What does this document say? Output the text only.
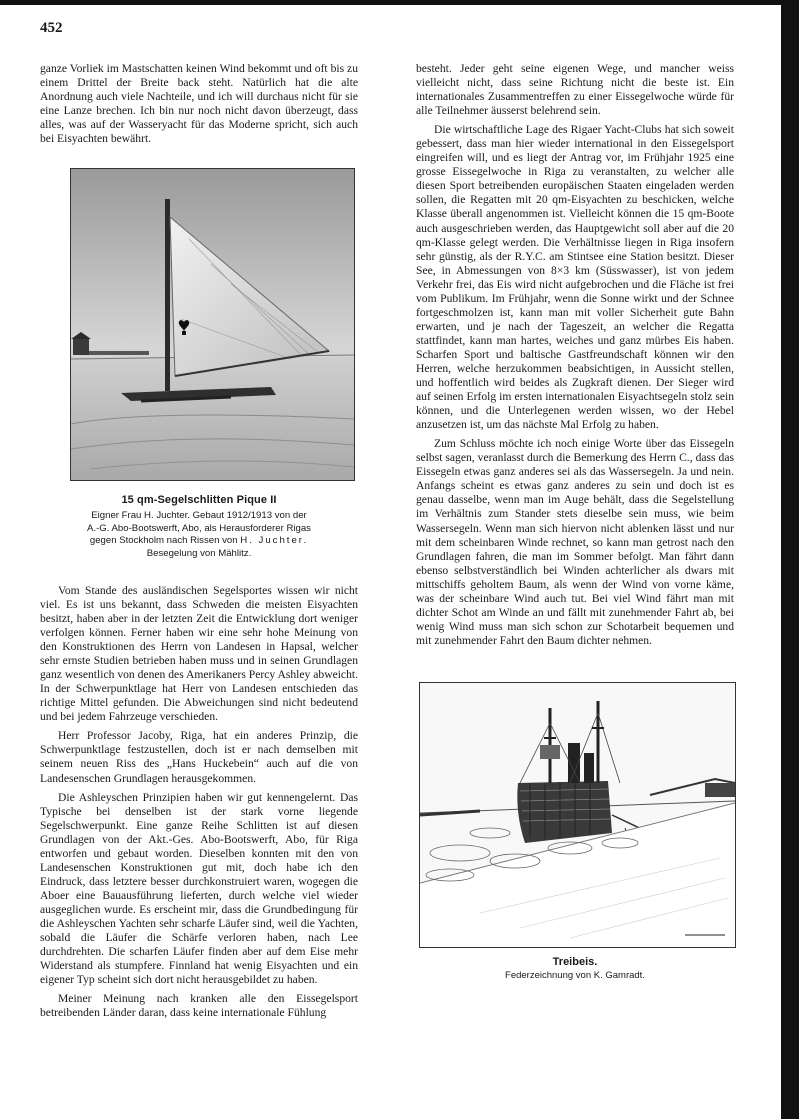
452

ganze Vorliek im Mastschatten keinen Wind bekommt und oft bis zu einem Drittel der Breite back steht. Natürlich hat die alte Anordnung auch viele Nachteile, und ich will durchaus nicht für sie eine Lanze brechen. Ich bin nur noch nicht davon überzeugt, dass alles, was auf der Wasseryacht für das Moderne spricht, sich auch bei Eisyachten bewährt.

15 qm-Segelschlitten Pique II
Eigner Frau H. Juchter. Gebaut 1912/1913 von der
A.-G. Abo-Bootswerft, Abo, als Herausforderer Rigas
gegen Stockholm nach Rissen von H. Juchter.
Besegelung von Mählitz.

Vom Stande des ausländischen Segelsportes wissen wir nicht viel. Es ist uns bekannt, dass Schweden die meisten Eisyachten besitzt, haben aber in der letzten Zeit die Entwicklung dort weniger verfolgen können. Ferner haben wir eine sehr hohe Meinung von den Konstruktionen des Herrn von Landesen in Hapsal, welcher sehr ernste Studien betrieben haben muss und in seinen Grundlagen ganz wesentlich von denen des Amerikaners Percy Ashley abweicht. In der Schwerpunktlage hat Herr von Landesen entschieden das richtige Mittel gefunden. Die Abweichungen sind nicht bedeutend und bei jedem Fahrzeuge verschieden.

Herr Professor Jacoby, Riga, hat ein anderes Prinzip, die Schwerpunktlage festzustellen, doch ist er nach demselben mit seinem neuen Riss des „Hans Huckebein“ auch auf die von Landesenschen Grundlagen herausgekommen.

Die Ashleyschen Prinzipien haben wir gut kennengelernt. Das Typische bei denselben ist der stark vorne liegende Segelschwerpunkt. Eine ganze Reihe Schlitten ist auf diesen Grundlagen von der Akt.-Ges. Abo-Bootswerft, Abo, für Riga entworfen und gebaut worden. Dieselben konnten mit den von Landesenschen Konstruktionen gut mit, doch habe ich den Eindruck, dass letztere besser durchkonstruiert waren, wogegen die Aboer eine Bauausführung lieferten, durch welche viel wieder ausgeglichen wurde. Es erscheint mir, dass die Grundbedingung für die Ashleyschen Yachten sehr scharfe Läufer sind, weil die Yachten, sobald die Läufer die Schärfe verloren haben, nach Lee durchdrehten. Die scharfen Läufer finden aber auf dem Eise mehr Widerstand als stumpfere. Finnland hat wenig Eisyachten und ein eigener Typ scheint sich dort nicht herausgebildet zu haben.

Meiner Meinung nach kranken alle den Eissegelsport betreibenden Länder daran, dass keine internationale Fühlung

besteht. Jeder geht seine eigenen Wege, und mancher weiss vielleicht nicht, dass seine Richtung nicht die beste ist. Ein internationales Zusammentreffen zu einer Eissegelwoche würde für alle Teilnehmer äusserst belehrend sein.

Die wirtschaftliche Lage des Rigaer Yacht-Clubs hat sich soweit gebessert, dass man hier wieder international in den Eissegelsport eingreifen will, und es liegt der Antrag vor, im Frühjahr 1925 eine grosse Eissegelwoche in Riga zu veranstalten, zu welcher alle diesen Sport betreibenden europäischen Staaten eingeladen werden sollen, die Regatten mit 20 qm-Eisyachten zu beschicken, welche Klasse überall angenommen ist. Vielleicht können die 15 qm-Boote auch ausgeschrieben werden, das Hauptgewicht soll aber auf die 20 qm-Klasse gelegt werden. Die Verhältnisse liegen in Riga insofern sehr günstig, als der R.Y.C. am Stintsee eine Station besitzt. Dieser See, in Abmessungen von 8×3 km (Süsswasser), ist von jedem Verkehr frei, das Eis wird nicht aufgebrochen und die Fläche ist frei vom Publikum. Im Frühjahr, wenn die Sonne wirkt und der Schnee fortgeschmolzen ist, kann man mit voller Sicherheit gute Bahn erwarten, und je nach der Tageszeit, an welcher die Regatta stattfindet, kann man hartes, weiches und ganz mürbes Eis haben. Scharfen Sport und baltische Gastfreundschaft können wir den Herren, welche herzukommen beabsichtigen, in Aussicht stellen, und hoffentlich wird beides als Zugkraft dienen. Der Sieger wird auf seinen Erfolg im ersten internationalen Eisyachtsegeln stolz sein können, und die Unterlegenen werden wissen, wo der Hebel anzusetzen ist, um das nächste Mal Erfolg zu haben.

Zum Schluss möchte ich noch einige Worte über das Eissegeln selbst sagen, veranlasst durch die Bemerkung des Herrn C., dass das Eissegeln etwas ganz anderes sei als das Wassersegeln. Ja und nein. Anfangs scheint es etwas ganz anderes zu sein und doch ist es genau dasselbe, wenn man im Auge behält, dass die Segelstellung im Verhältnis zum Stander stets dieselbe sein muss, wie beim Wassersegeln. Wenn man sich hiervon nicht ablenken lässt und nur mit dem scheinbaren Winde rechnet, so kann man getrost nach den Grundlagen fahren, die man im Sommer befolgt. Man fährt dann ebenso selbstverständlich bei Winden achterlicher als dwars mit mittschiffs geholtem Baum, als wenn der Wind von vorne käme, was der scheinbare Wind auch tut. Bei viel Wind fährt man mit dichter Schot am Winde an und fällt mit zunehmender Fahrt ab, bei wenig Wind muss man sich schon zur Schotarbeit bequemen und mit zunehmender Fahrt den Baum dichter nehmen.

Treibeis.
Federzeichnung von K. Gamradt.
